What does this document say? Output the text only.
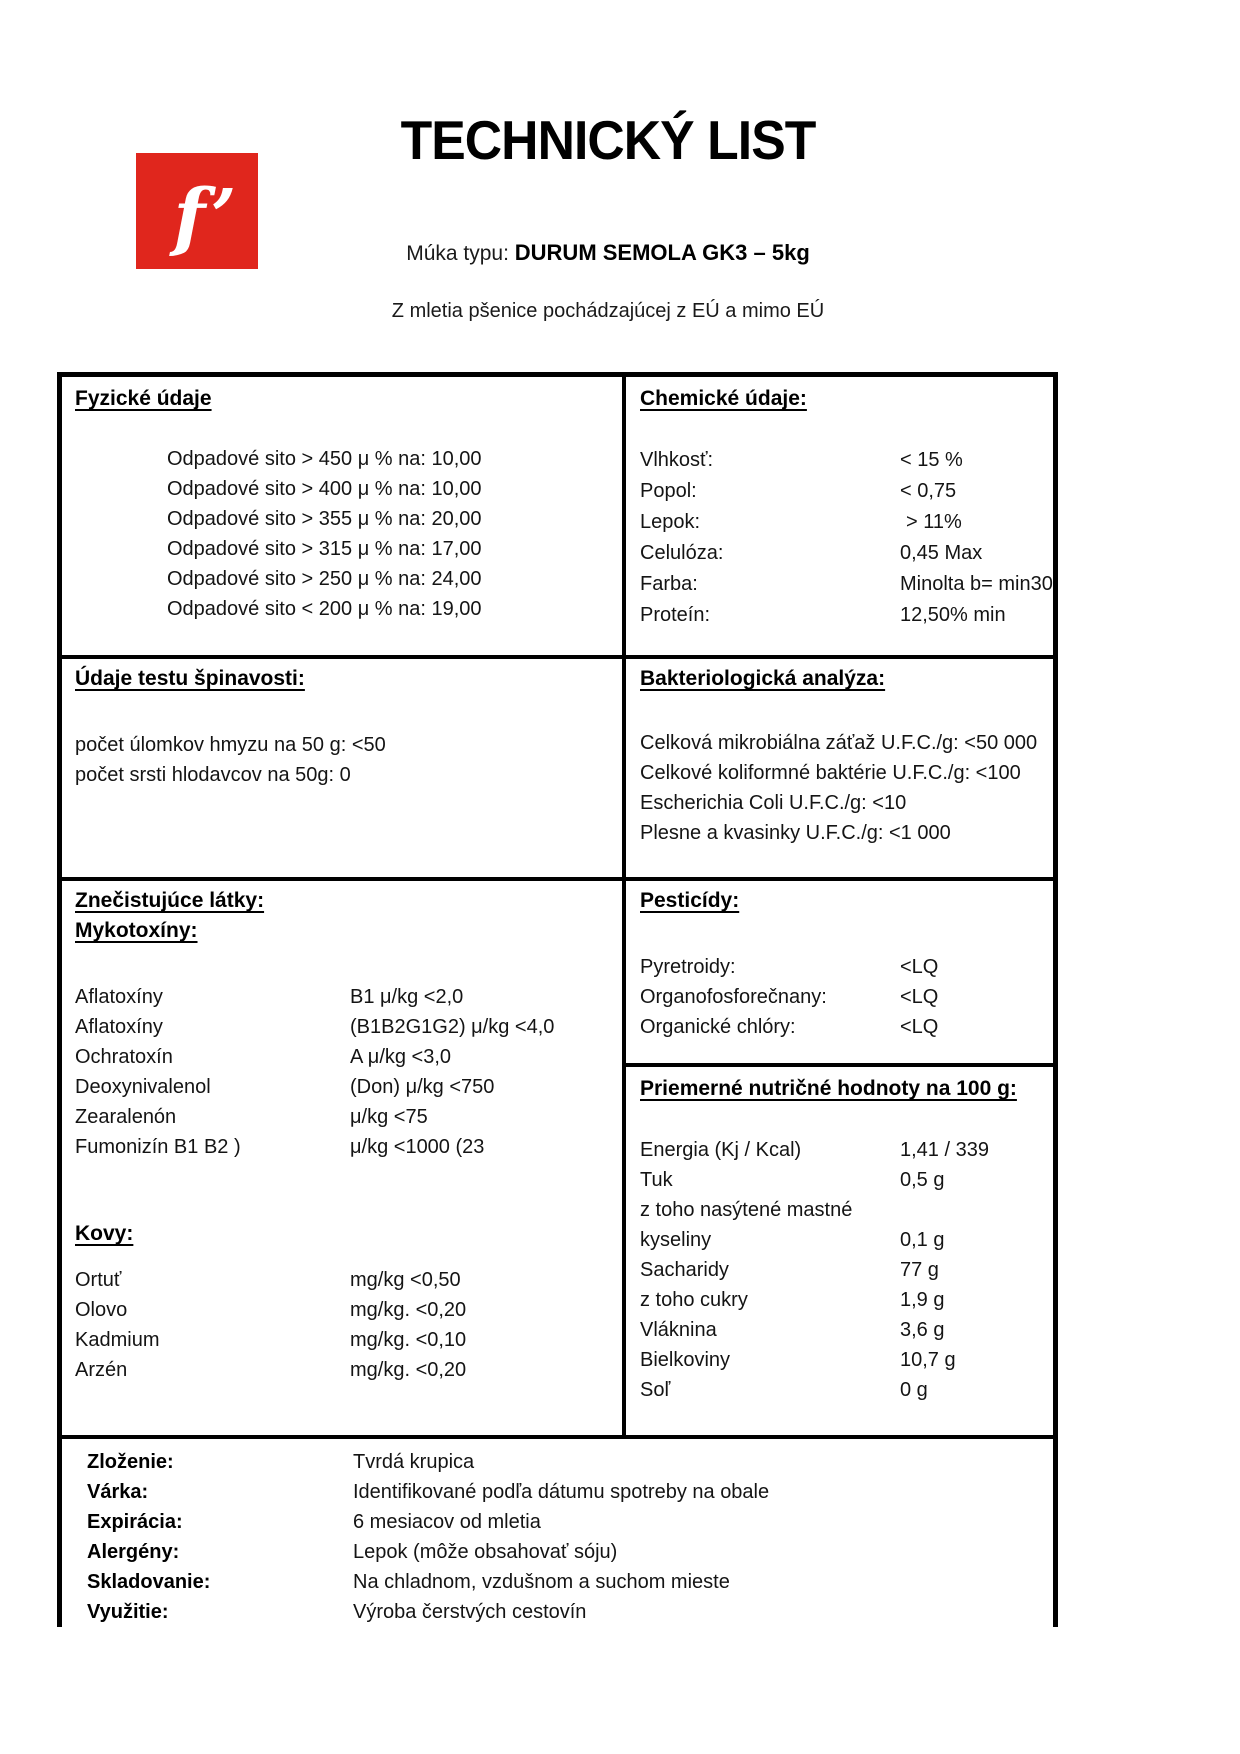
f’
TECHNICKÝ LIST
Múka typu: DURUM SEMOLA GK3 – 5kg
Z mletia pšenice pochádzajúcej z EÚ a mimo EÚ
Fyzické údaje
Odpadové sito > 450 μ % na: 10,00
Odpadové sito > 400 μ % na: 10,00
Odpadové sito > 355 μ % na: 20,00
Odpadové sito > 315 μ % na: 17,00
Odpadové sito > 250 μ % na: 24,00
Odpadové sito < 200 μ % na: 19,00
Chemické údaje:
Vlhkosť:	< 15 %
Popol:	< 0,75
Lepok:	> 11%
Celulóza:	0,45 Max
Farba:	Minolta b= min30
Proteín:	12,50% min
Údaje testu špinavosti:
počet úlomkov hmyzu na 50 g: <50
počet srsti hlodavcov na 50g: 0
Bakteriologická analýza:
Celková mikrobiálna záťaž U.F.C./g: <50 000
Celkové koliformné baktérie U.F.C./g: <100
Escherichia Coli U.F.C./g: <10
Plesne a kvasinky U.F.C./g: <1 000
Znečistujúce látky:
Mykotoxíny:
Aflatoxíny	B1 μ/kg <2,0
Aflatoxíny	(B1B2G1G2) μ/kg <4,0
Ochratoxín	A μ/kg <3,0
Deoxynivalenol	(Don) μ/kg <750
Zearalenón	μ/kg <75
Fumonizín B1 B2 )	μ/kg <1000 (23
Kovy:
Ortuť	mg/kg <0,50
Olovo	mg/kg. <0,20
Kadmium	mg/kg. <0,10
Arzén	mg/kg. <0,20
Pesticídy:
Pyretroidy:	<LQ
Organofosforečnany:	<LQ
Organické chlóry:	<LQ
Priemerné nutričné hodnoty na 100 g:
Energia (Kj / Kcal)	1,41 / 339
Tuk	0,5 g
z toho nasýtené mastné
kyseliny	0,1 g
Sacharidy	77 g
z toho cukry	1,9 g
Vláknina	3,6 g
Bielkoviny	10,7 g
Soľ	0 g
Zloženie:	Tvrdá krupica
Várka:	Identifikované podľa dátumu spotreby na obale
Expirácia:	6 mesiacov od mletia
Alergény:	Lepok (môže obsahovať sóju)
Skladovanie:	Na chladnom, vzdušnom a suchom mieste
Využitie:	Výroba čerstvých cestovín
